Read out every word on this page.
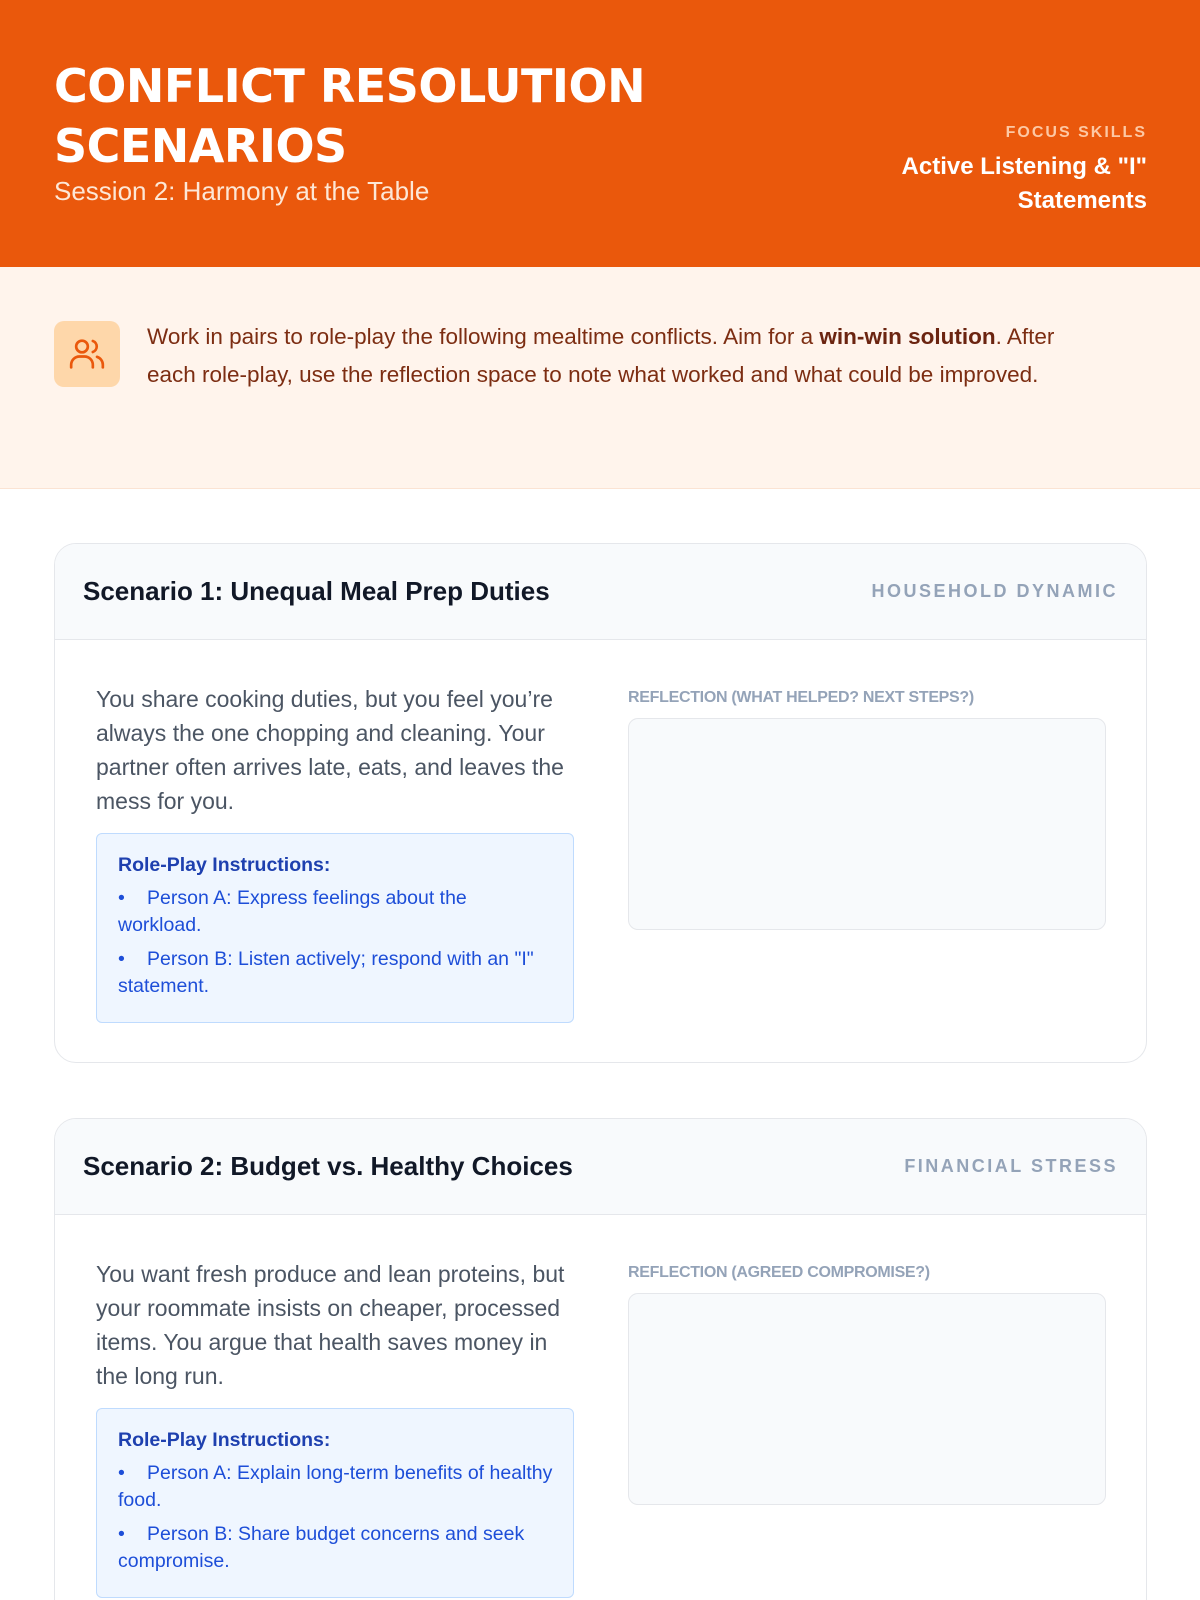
CONFLICT RESOLUTION SCENARIOS
Session 2: Harmony at the Table
FOCUS SKILLS
Active Listening & "I" Statements

Work in pairs to role-play the following mealtime conflicts. Aim for a win-win solution. After each role-play, use the reflection space to note what worked and what could be improved.

Scenario 1: Unequal Meal Prep Duties	HOUSEHOLD DYNAMIC

You share cooking duties, but you feel you’re always the one chopping and cleaning. Your partner often arrives late, eats, and leaves the mess for you.

Role-Play Instructions:
• Person A: Express feelings about the workload.
• Person B: Listen actively; respond with an "I" statement.
REFLECTION (WHAT HELPED? NEXT STEPS?)
Scenario 2: Budget vs. Healthy Choices	FINANCIAL STRESS

You want fresh produce and lean proteins, but your roommate insists on cheaper, processed items. You argue that health saves money in the long run.

Role-Play Instructions:
• Person A: Explain long-term benefits of healthy food.
• Person B: Share budget concerns and seek compromise.
REFLECTION (AGREED COMPROMISE?)
